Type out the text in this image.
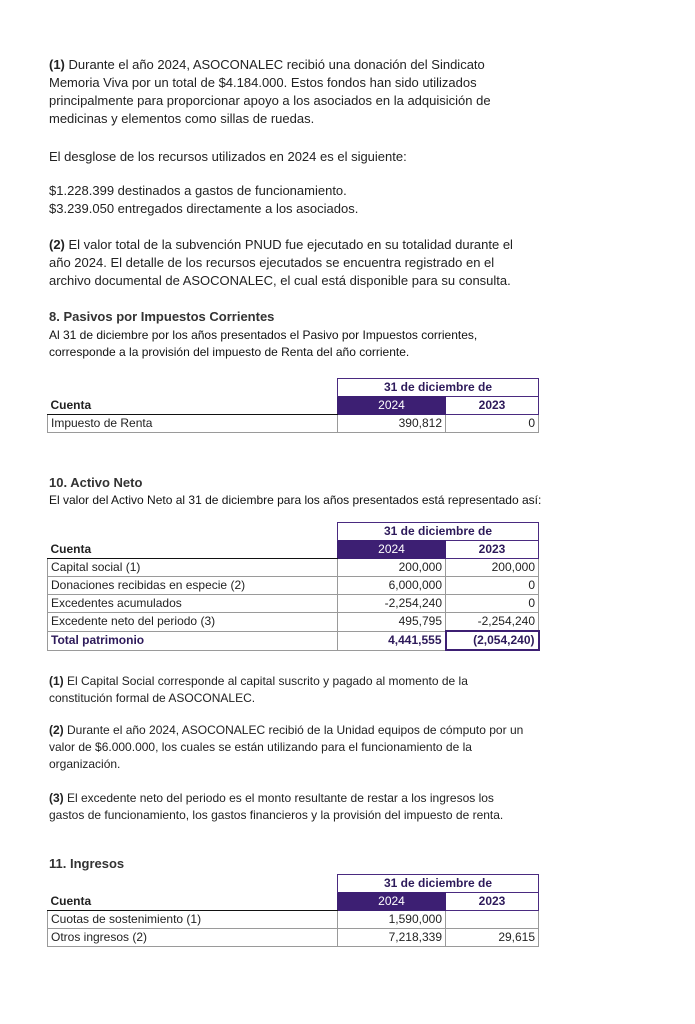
(1) Durante el año 2024, ASOCONALEC recibió una donación del Sindicato
Memoria Viva por un total de $4.184.000. Estos fondos han sido utilizados
principalmente para proporcionar apoyo a los asociados en la adquisición de
medicinas y elementos como sillas de ruedas.

El desglose de los recursos utilizados en 2024 es el siguiente:

$1.228.399 destinados a gastos de funcionamiento.

$3.239.050 entregados directamente a los asociados.

(2) El valor total de la subvención PNUD fue ejecutado en su totalidad durante el
año 2024. El detalle de los recursos ejecutados se encuentra registrado en el
archivo documental de ASOCONALEC, el cual está disponible para su consulta.

8. Pasivos por Impuestos Corrientes

Al 31 de diciembre por los años presentados el Pasivo por Impuestos corrientes,
corresponde a la provisión del impuesto de Renta del año corriente.

	31 de diciembre de	
Cuenta	2024	2023
Impuesto de Renta	390,812	0

10. Activo Neto

El valor del Activo Neto al 31 de diciembre para los años presentados está representado así:

	31 de diciembre de	
Cuenta	2024	2023
Capital social (1)	200,000	200,000
Donaciones recibidas en especie (2)	6,000,000	0
Excedentes acumulados	-2,254,240	0
Excedente neto del periodo (3)	495,795	-2,254,240
Total patrimonio	4,441,555	(2,054,240)

(1) El Capital Social corresponde al capital suscrito y pagado al momento de la
constitución formal de ASOCONALEC.

(2) Durante el año 2024, ASOCONALEC recibió de la Unidad equipos de cómputo por un
valor de $6.000.000, los cuales se están utilizando para el funcionamiento de la
organización.

(3) El excedente neto del periodo es el monto resultante de restar a los ingresos los
gastos de funcionamiento, los gastos financieros y la provisión del impuesto de renta.

11. Ingresos

	31 de diciembre de	
Cuenta	2024	2023
Cuotas de sostenimiento (1)	1,590,000	
Otros ingresos (2)	7,218,339	29,615
